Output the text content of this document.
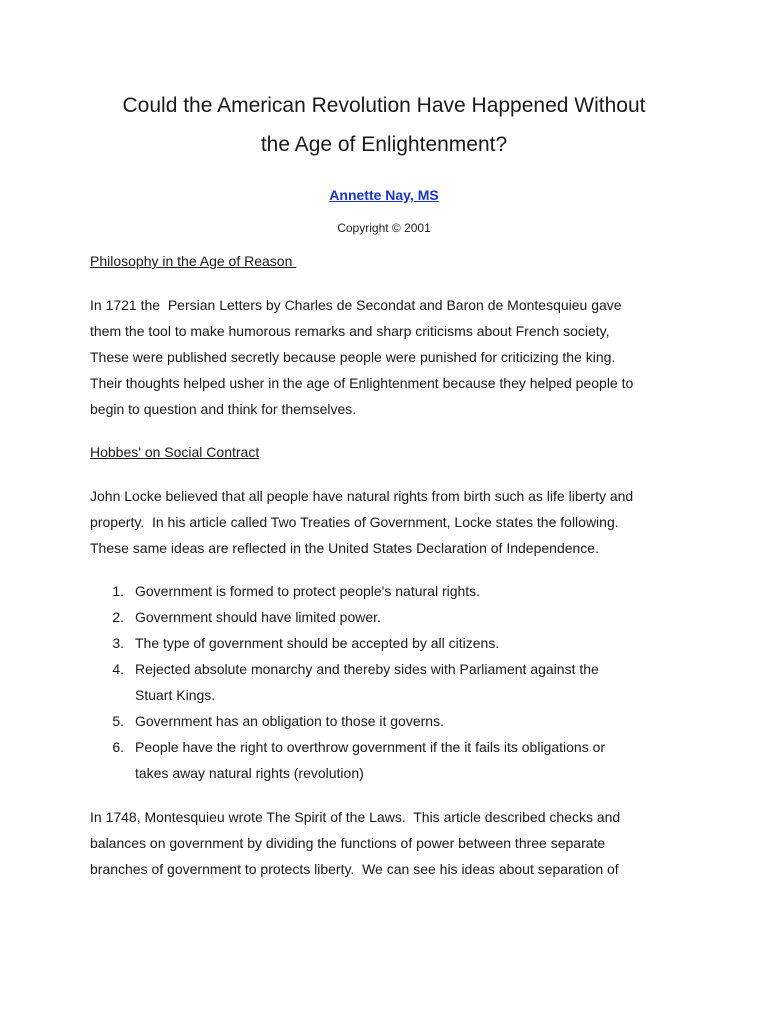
Could the American Revolution Have Happened Without
the Age of Enlightenment?
Annette Nay, MS
Copyright © 2001
Philosophy in the Age of Reason
In 1721 the  Persian Letters by Charles de Secondat and Baron de Montesquieu gave
them the tool to make humorous remarks and sharp criticisms about French society,
These were published secretly because people were punished for criticizing the king.
Their thoughts helped usher in the age of Enlightenment because they helped people to
begin to question and think for themselves.
Hobbes' on Social Contract
John Locke believed that all people have natural rights from birth such as life liberty and
property.  In his article called Two Treaties of Government, Locke states the following.
These same ideas are reflected in the United States Declaration of Independence.
1. Government is formed to protect people's natural rights.
2. Government should have limited power.
3. The type of government should be accepted by all citizens.
4. Rejected absolute monarchy and thereby sides with Parliament against the
Stuart Kings.
5. Government has an obligation to those it governs.
6. People have the right to overthrow government if the it fails its obligations or
takes away natural rights (revolution)
In 1748, Montesquieu wrote The Spirit of the Laws.  This article described checks and
balances on government by dividing the functions of power between three separate
branches of government to protects liberty.  We can see his ideas about separation of
